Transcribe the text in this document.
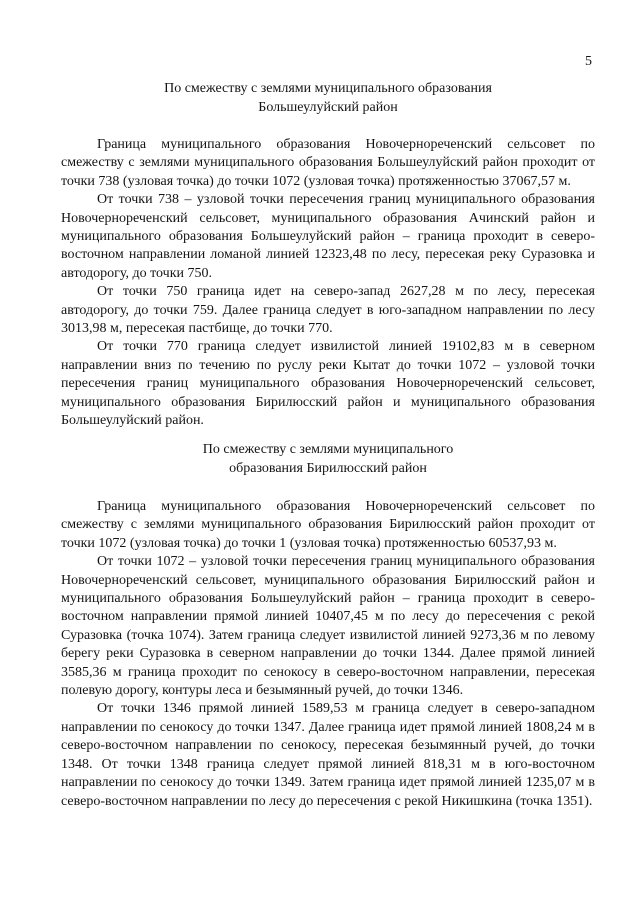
5
По смежеству с землями муниципального образования
Большеулуйский район

Граница муниципального образования Новочернореченский сельсовет по смежеству с землями муниципального образования Большеулуйский район проходит от точки 738 (узловая точка) до точки 1072 (узловая точка) протяженностью 37067,57 м.

От точки 738 – узловой точки пересечения границ муниципального образования Новочернореченский сельсовет, муниципального образования Ачинский район и муниципального образования Большеулуйский район – граница проходит в северо-восточном направлении ломаной линией 12323,48 по лесу, пересекая реку Суразовка и автодорогу, до точки 750.

От точки 750 граница идет на северо-запад 2627,28 м по лесу, пересекая автодорогу, до точки 759. Далее граница следует в юго-западном направлении по лесу 3013,98 м, пересекая пастбище, до точки 770.

От точки 770 граница следует извилистой линией 19102,83 м в северном направлении вниз по течению по руслу реки Кытат до точки 1072 – узловой точки пересечения границ муниципального образования Новочернореченский сельсовет, муниципального образования Бирилюсский район и муниципального образования Большеулуйский район.

По смежеству с землями муниципального
образования Бирилюсский район

Граница муниципального образования Новочернореченский сельсовет по смежеству с землями муниципального образования Бирилюсский район проходит от точки 1072 (узловая точка) до точки 1 (узловая точка) протяженностью 60537,93 м.

От точки 1072 – узловой точки пересечения границ муниципального образования Новочернореченский сельсовет, муниципального образования Бирилюсский район и муниципального образования Большеулуйский район – граница проходит в северо-восточном направлении прямой линией 10407,45 м по лесу до пересечения с рекой Суразовка (точка 1074). Затем граница следует извилистой линией 9273,36 м по левому берегу реки Суразовка в северном направлении до точки 1344. Далее прямой линией 3585,36 м граница проходит по сенокосу в северо-восточном направлении, пересекая полевую дорогу, контуры леса и безымянный ручей, до точки 1346.

От точки 1346 прямой линией 1589,53 м граница следует в северо-западном направлении по сенокосу до точки 1347. Далее граница идет прямой линией 1808,24 м в северо-восточном направлении по сенокосу, пересекая безымянный ручей, до точки 1348. От точки 1348 граница следует прямой линией 818,31 м в юго-восточном направлении по сенокосу до точки 1349. Затем граница идет прямой линией 1235,07 м в северо-восточном направлении по лесу до пересечения с рекой Никишкина (точка 1351).
